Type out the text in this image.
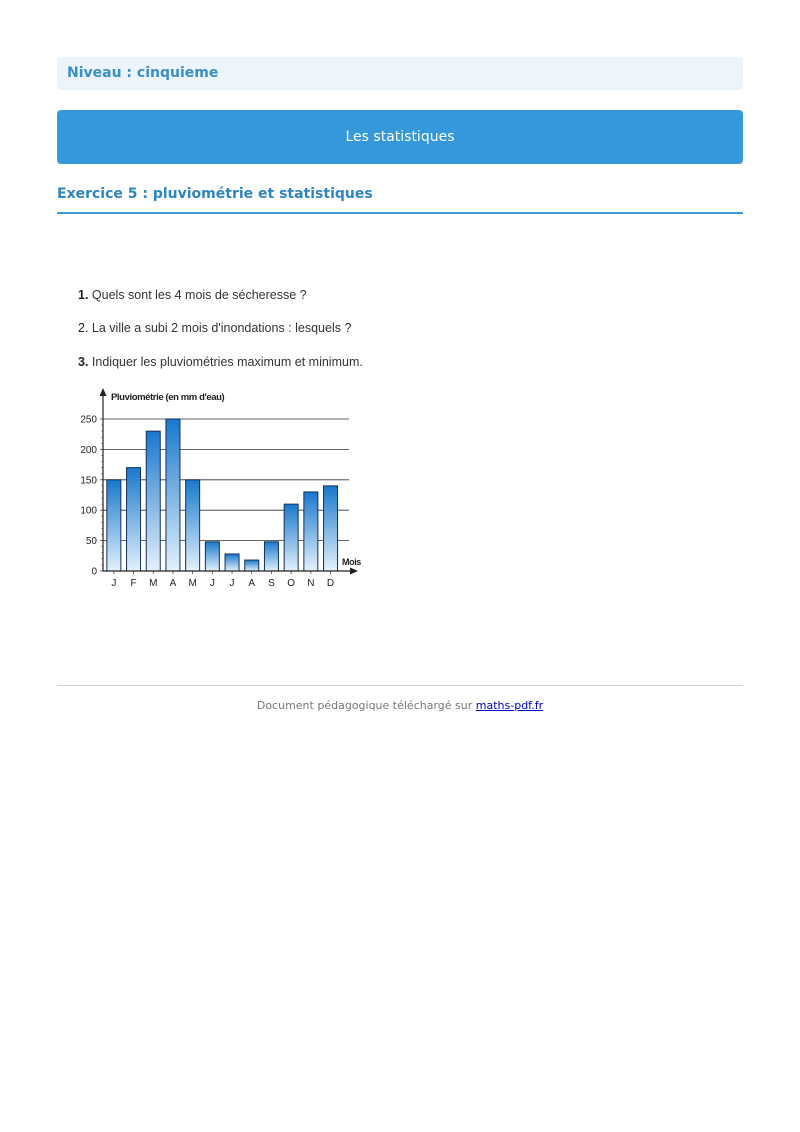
Niveau : cinquieme
Les statistiques
Exercice 5 : pluviométrie et statistiques
1. Quels sont les 4 mois de sécheresse ?
2. La ville a subi 2 mois d'inondations : lesquels ?
3. Indiquer les pluviométries maximum et minimum.
Pluviométrie (en mm d'eau)
Mois
0
50
100
150
200
250
J F M A M J J A S O N D
Document pédagogique téléchargé sur maths-pdf.fr
